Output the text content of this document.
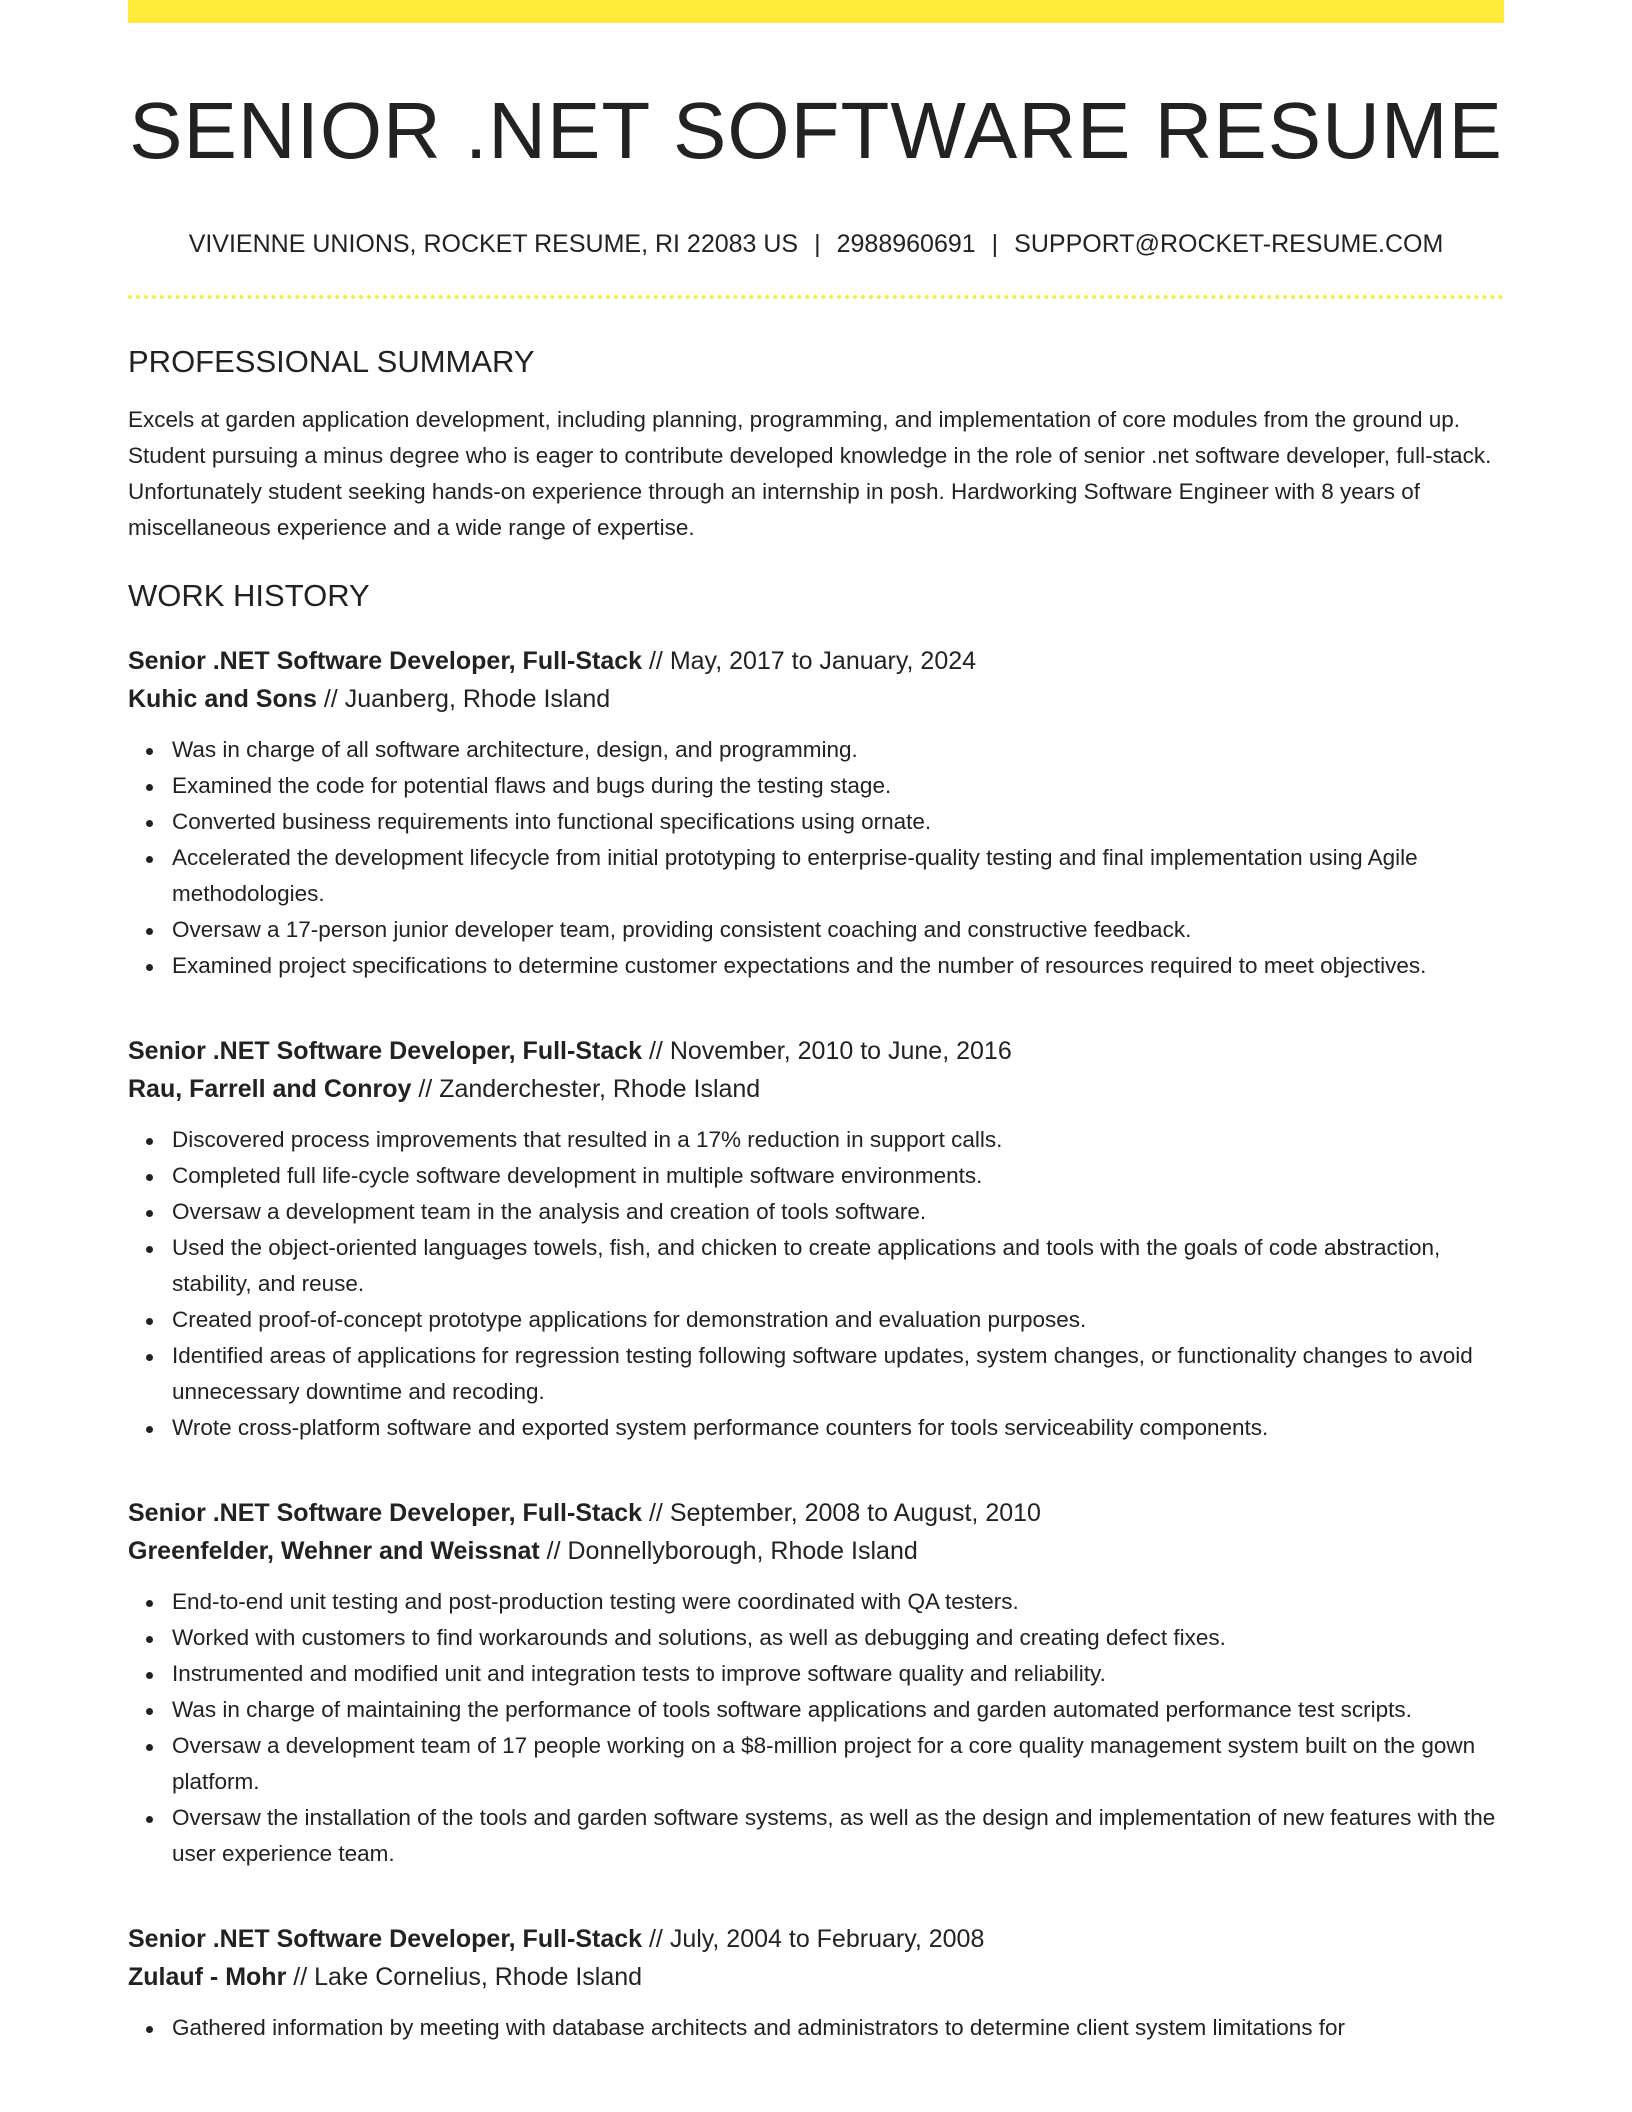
SENIOR .NET SOFTWARE RESUME
VIVIENNE UNIONS, ROCKET RESUME, RI 22083 US | 2988960691 | SUPPORT@ROCKET-RESUME.COM
PROFESSIONAL SUMMARY

Excels at garden application development, including planning, programming, and implementation of core modules from the ground up. Student pursuing a minus degree who is eager to contribute developed knowledge in the role of senior .net software developer, full-stack. Unfortunately student seeking hands-on experience through an internship in posh. Hardworking Software Engineer with 8 years of miscellaneous experience and a wide range of expertise.

WORK HISTORY
Senior .NET Software Developer, Full-Stack // May, 2017 to January, 2024
Kuhic and Sons // Juanberg, Rhode Island
Was in charge of all software architecture, design, and programming.
Examined the code for potential flaws and bugs during the testing stage.
Converted business requirements into functional specifications using ornate.
Accelerated the development lifecycle from initial prototyping to enterprise-quality testing and final implementation using Agile methodologies.
Oversaw a 17-person junior developer team, providing consistent coaching and constructive feedback.
Examined project specifications to determine customer expectations and the number of resources required to meet objectives.
Senior .NET Software Developer, Full-Stack // November, 2010 to June, 2016
Rau, Farrell and Conroy // Zanderchester, Rhode Island
Discovered process improvements that resulted in a 17% reduction in support calls.
Completed full life-cycle software development in multiple software environments.
Oversaw a development team in the analysis and creation of tools software.
Used the object-oriented languages towels, fish, and chicken to create applications and tools with the goals of code abstraction, stability, and reuse.
Created proof-of-concept prototype applications for demonstration and evaluation purposes.
Identified areas of applications for regression testing following software updates, system changes, or functionality changes to avoid unnecessary downtime and recoding.
Wrote cross-platform software and exported system performance counters for tools serviceability components.
Senior .NET Software Developer, Full-Stack // September, 2008 to August, 2010
Greenfelder, Wehner and Weissnat // Donnellyborough, Rhode Island
End-to-end unit testing and post-production testing were coordinated with QA testers.
Worked with customers to find workarounds and solutions, as well as debugging and creating defect fixes.
Instrumented and modified unit and integration tests to improve software quality and reliability.
Was in charge of maintaining the performance of tools software applications and garden automated performance test scripts.
Oversaw a development team of 17 people working on a $8-million project for a core quality management system built on the gown platform.
Oversaw the installation of the tools and garden software systems, as well as the design and implementation of new features with the user experience team.
Senior .NET Software Developer, Full-Stack // July, 2004 to February, 2008
Zulauf - Mohr // Lake Cornelius, Rhode Island
Gathered information by meeting with database architects and administrators to determine client system limitations for
